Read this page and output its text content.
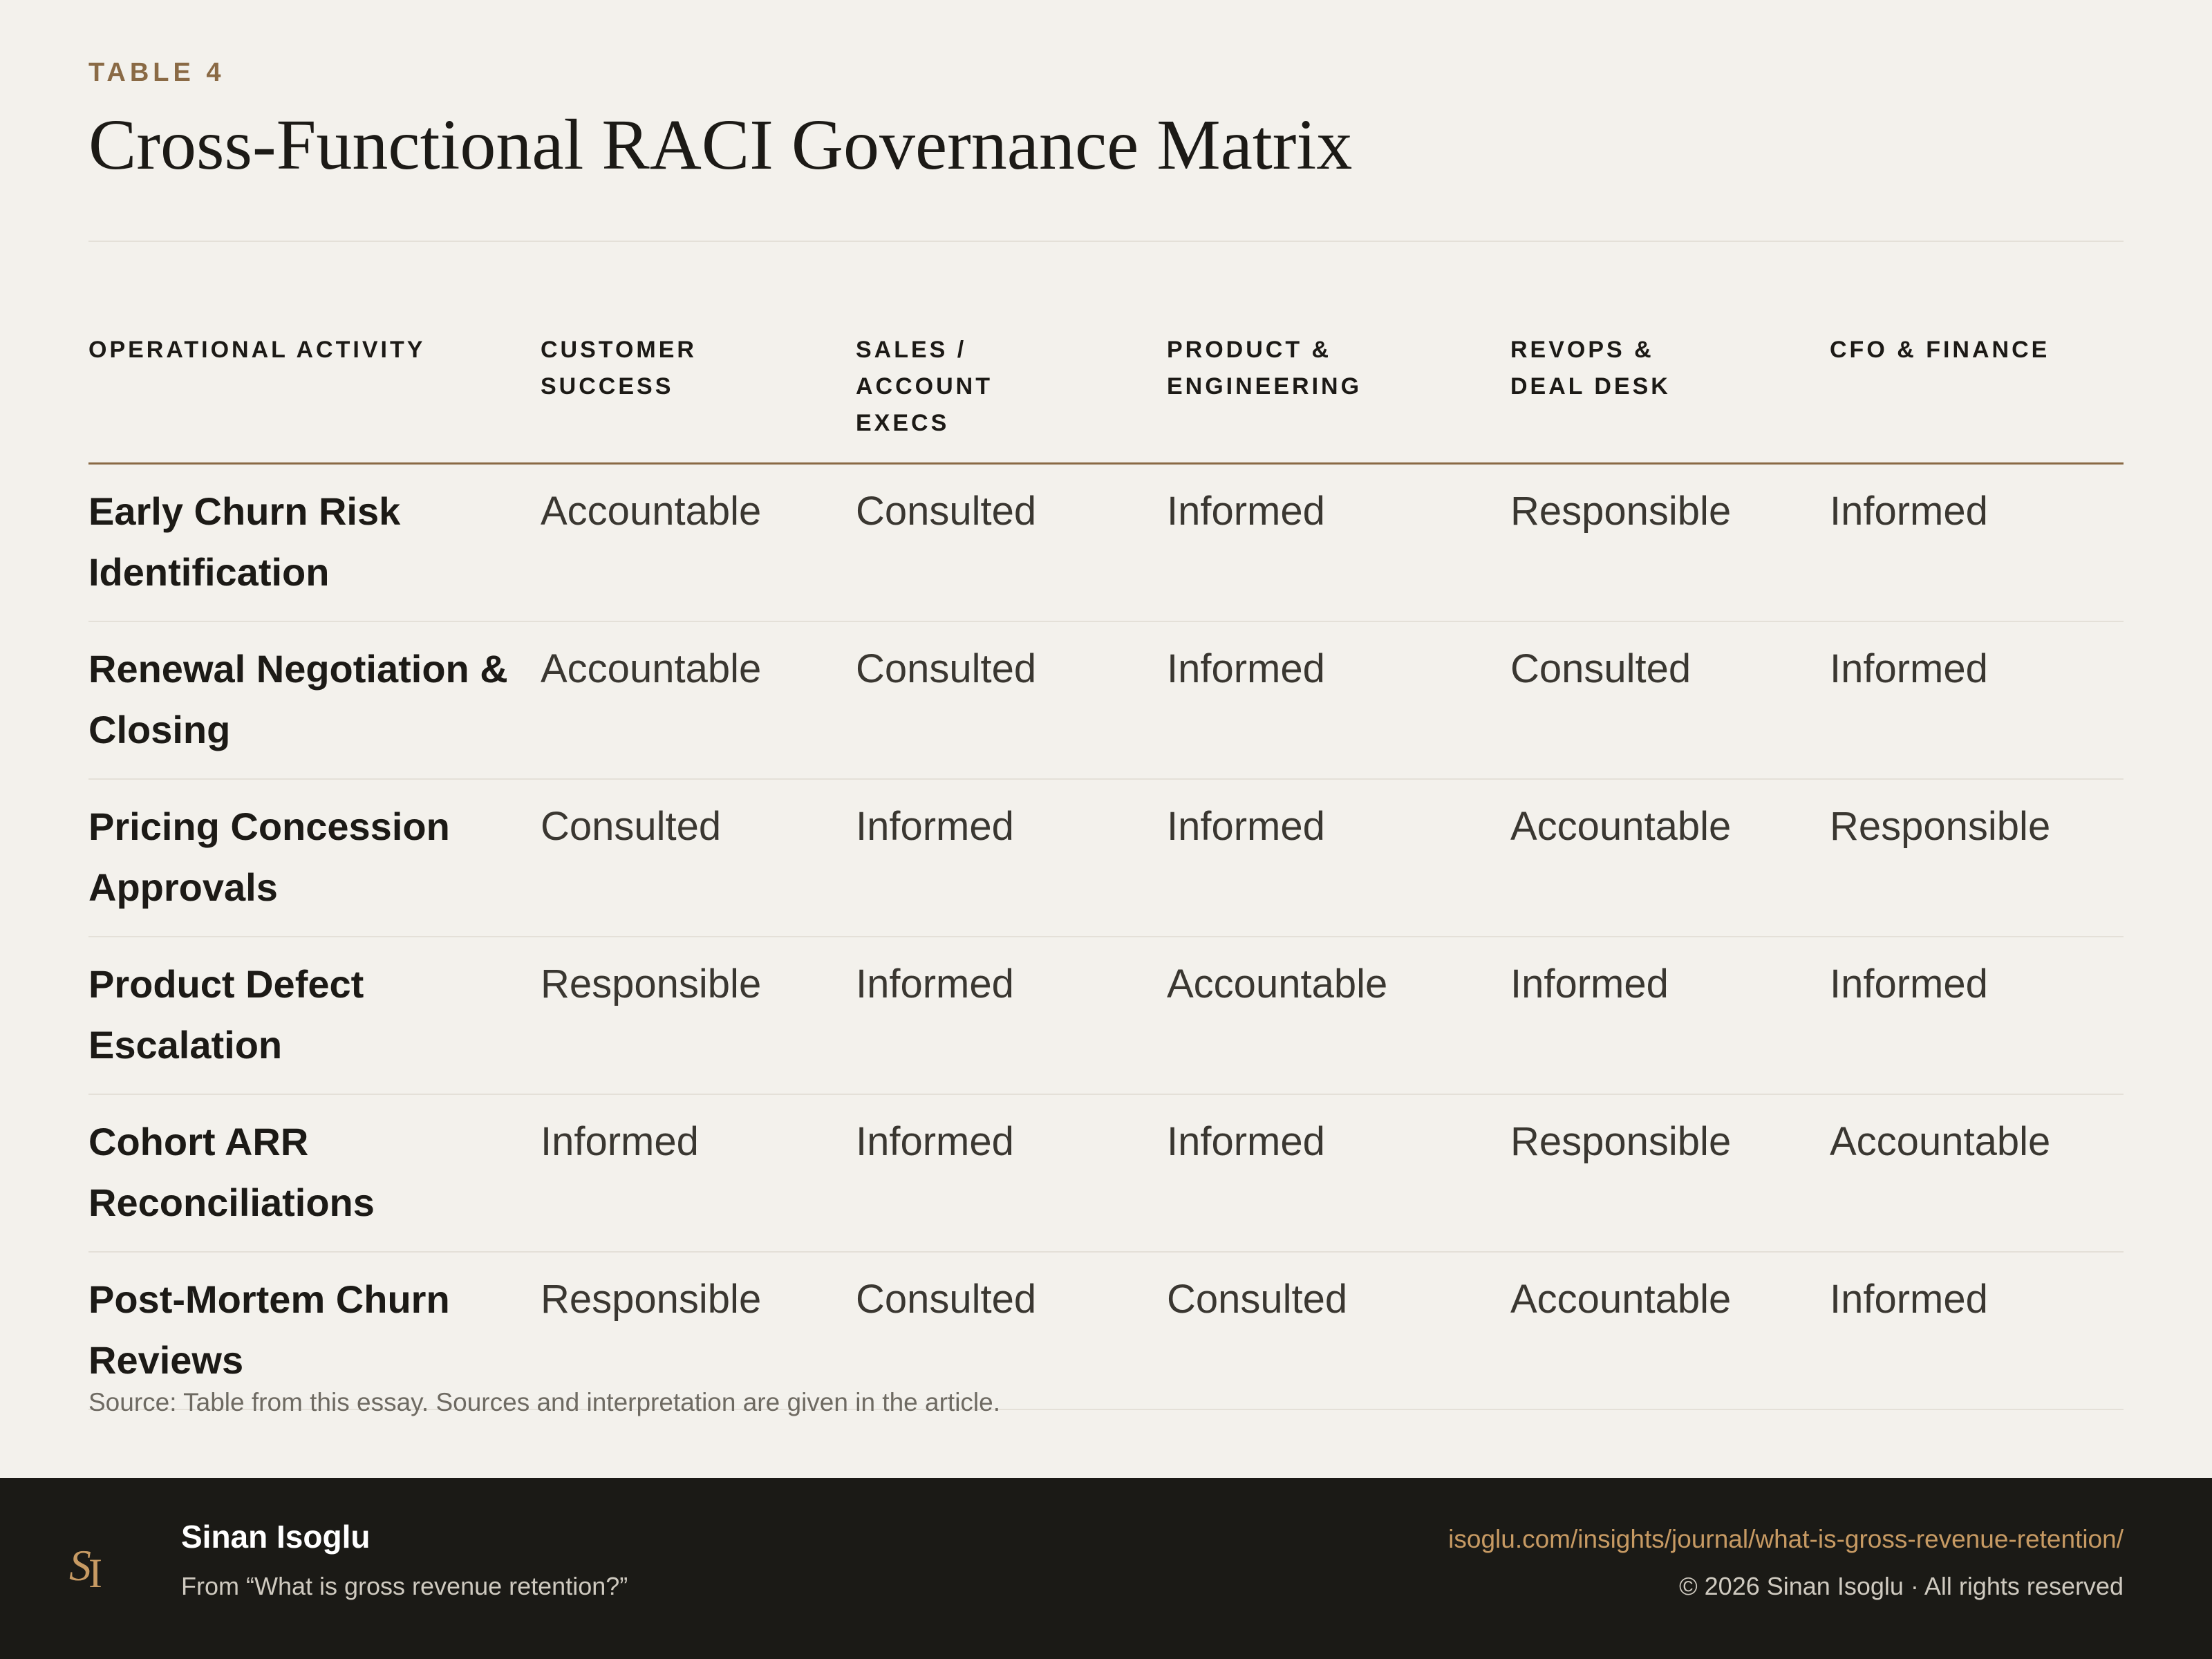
TABLE 4
Cross-Functional RACI Governance Matrix
OPERATIONAL ACTIVITY	CUSTOMER SUCCESS	SALES / ACCOUNT EXECS	PRODUCT & ENGINEERING	REVOPS & DEAL DESK	CFO & FINANCE
Early Churn Risk Identification	Accountable	Consulted	Informed	Responsible	Informed
Renewal Negotiation & Closing	Accountable	Consulted	Informed	Consulted	Informed
Pricing Concession Approvals	Consulted	Informed	Informed	Accountable	Responsible
Product Defect Escalation	Responsible	Informed	Accountable	Informed	Informed
Cohort ARR Reconciliations	Informed	Informed	Informed	Responsible	Accountable
Post-Mortem Churn Reviews	Responsible	Consulted	Consulted	Accountable	Informed
Source: Table from this essay. Sources and interpretation are given in the article.
S
I
Sinan Isoglu
From “What is gross revenue retention?”
isoglu.com/insights/journal/what-is-gross-revenue-retention/
© 2026 Sinan Isoglu · All rights reserved
